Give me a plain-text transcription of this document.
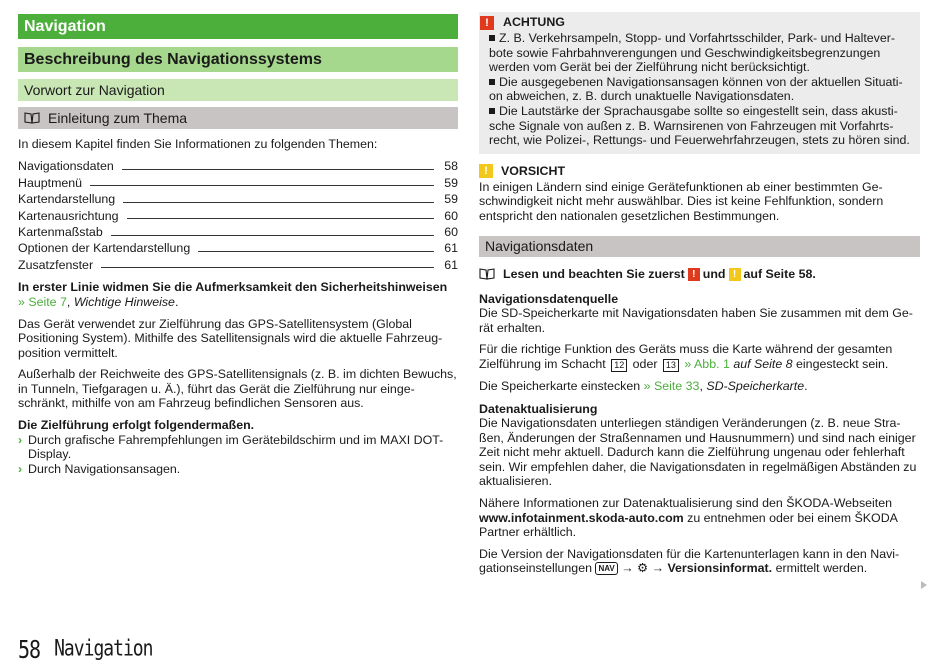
Navigation
Beschreibung des Navigationssystems
Vorwort zur Navigation
Einleitung zum Thema
In diesem Kapitel finden Sie Informationen zu folgenden Themen:
Navigationsdaten	58
Hauptmenü	59
Kartendarstellung	59
Kartenausrichtung	60
Kartenmaßstab	60
Optionen der Kartendarstellung	61
Zusatzfenster	61
In erster Linie widmen Sie die Aufmerksamkeit den Sicherheitshinweisen
» Seite 7, Wichtige Hinweise.
Das Gerät verwendet zur Zielführung das GPS-Satellitensystem (Global Positioning System). Mithilfe des Satellitensignals wird die aktuelle Fahrzeug-position vermittelt.
Außerhalb der Reichweite des GPS-Satellitensignals (z. B. im dichten Bewuchs, in Tunneln, Tiefgaragen u. Ä.), führt das Gerät die Zielführung nur einge-schränkt, mithilfe von am Fahrzeug befindlichen Sensoren aus.
Die Zielführung erfolgt folgendermaßen.
› Durch grafische Fahrempfehlungen im Gerätebildschirm und im MAXI DOT-Display.
› Durch Navigationsansagen.
!	ACHTUNG
Z. B. Verkehrsampeln, Stopp- und Vorfahrtsschilder, Park- und Haltever-bote sowie Fahrbahnverengungen und Geschwindigkeitsbegrenzungen werden vom Gerät bei der Zielführung nicht berücksichtigt.
Die ausgegebenen Navigationsansagen können von der aktuellen Situati-on abweichen, z. B. durch unaktuelle Navigationsdaten.
Die Lautstärke der Sprachausgabe sollte so eingestellt sein, dass akusti-sche Signale von außen z. B. Warnsirenen von Fahrzeugen mit Vorfahrts-recht, wie Polizei-, Rettungs- und Feuerwehrfahrzeugen, stets zu hören sind.
!	VORSICHT
In einigen Ländern sind einige Gerätefunktionen ab einer bestimmten Ge-schwindigkeit nicht mehr auswählbar. Dies ist keine Fehlfunktion, sondern entspricht den nationalen gesetzlichen Bestimmungen.
Navigationsdaten
Lesen und beachten Sie zuerst ! und ! auf Seite 58.
Navigationsdatenquelle
Die SD-Speicherkarte mit Navigationsdaten haben Sie zusammen mit dem Ge-rät erhalten.
Für die richtige Funktion des Geräts muss die Karte während der gesamten Zielführung im Schacht 12 oder 13 » Abb. 1 auf Seite 8 eingesteckt sein.
Die Speicherkarte einstecken » Seite 33, SD-Speicherkarte.
Datenaktualisierung
Die Navigationsdaten unterliegen ständigen Veränderungen (z. B. neue Stra-ßen, Änderungen der Straßennamen und Hausnummern) und sind nach einiger Zeit nicht mehr aktuell. Dadurch kann die Zielführung ungenau oder fehlerhaft sein. Wir empfehlen daher, die Navigationsdaten in regelmäßigen Abständen zu aktualisieren.
Nähere Informationen zur Datenaktualisierung sind den ŠKODA-Webseiten www.infotainment.skoda-auto.com zu entnehmen oder bei einem ŠKODA Partner erhältlich.
Die Version der Navigationsdaten für die Kartenunterlagen kann in den Navi-gationseinstellungen NAV → ⚙ → Versionsinformat. ermittelt werden.
58 Navigation
